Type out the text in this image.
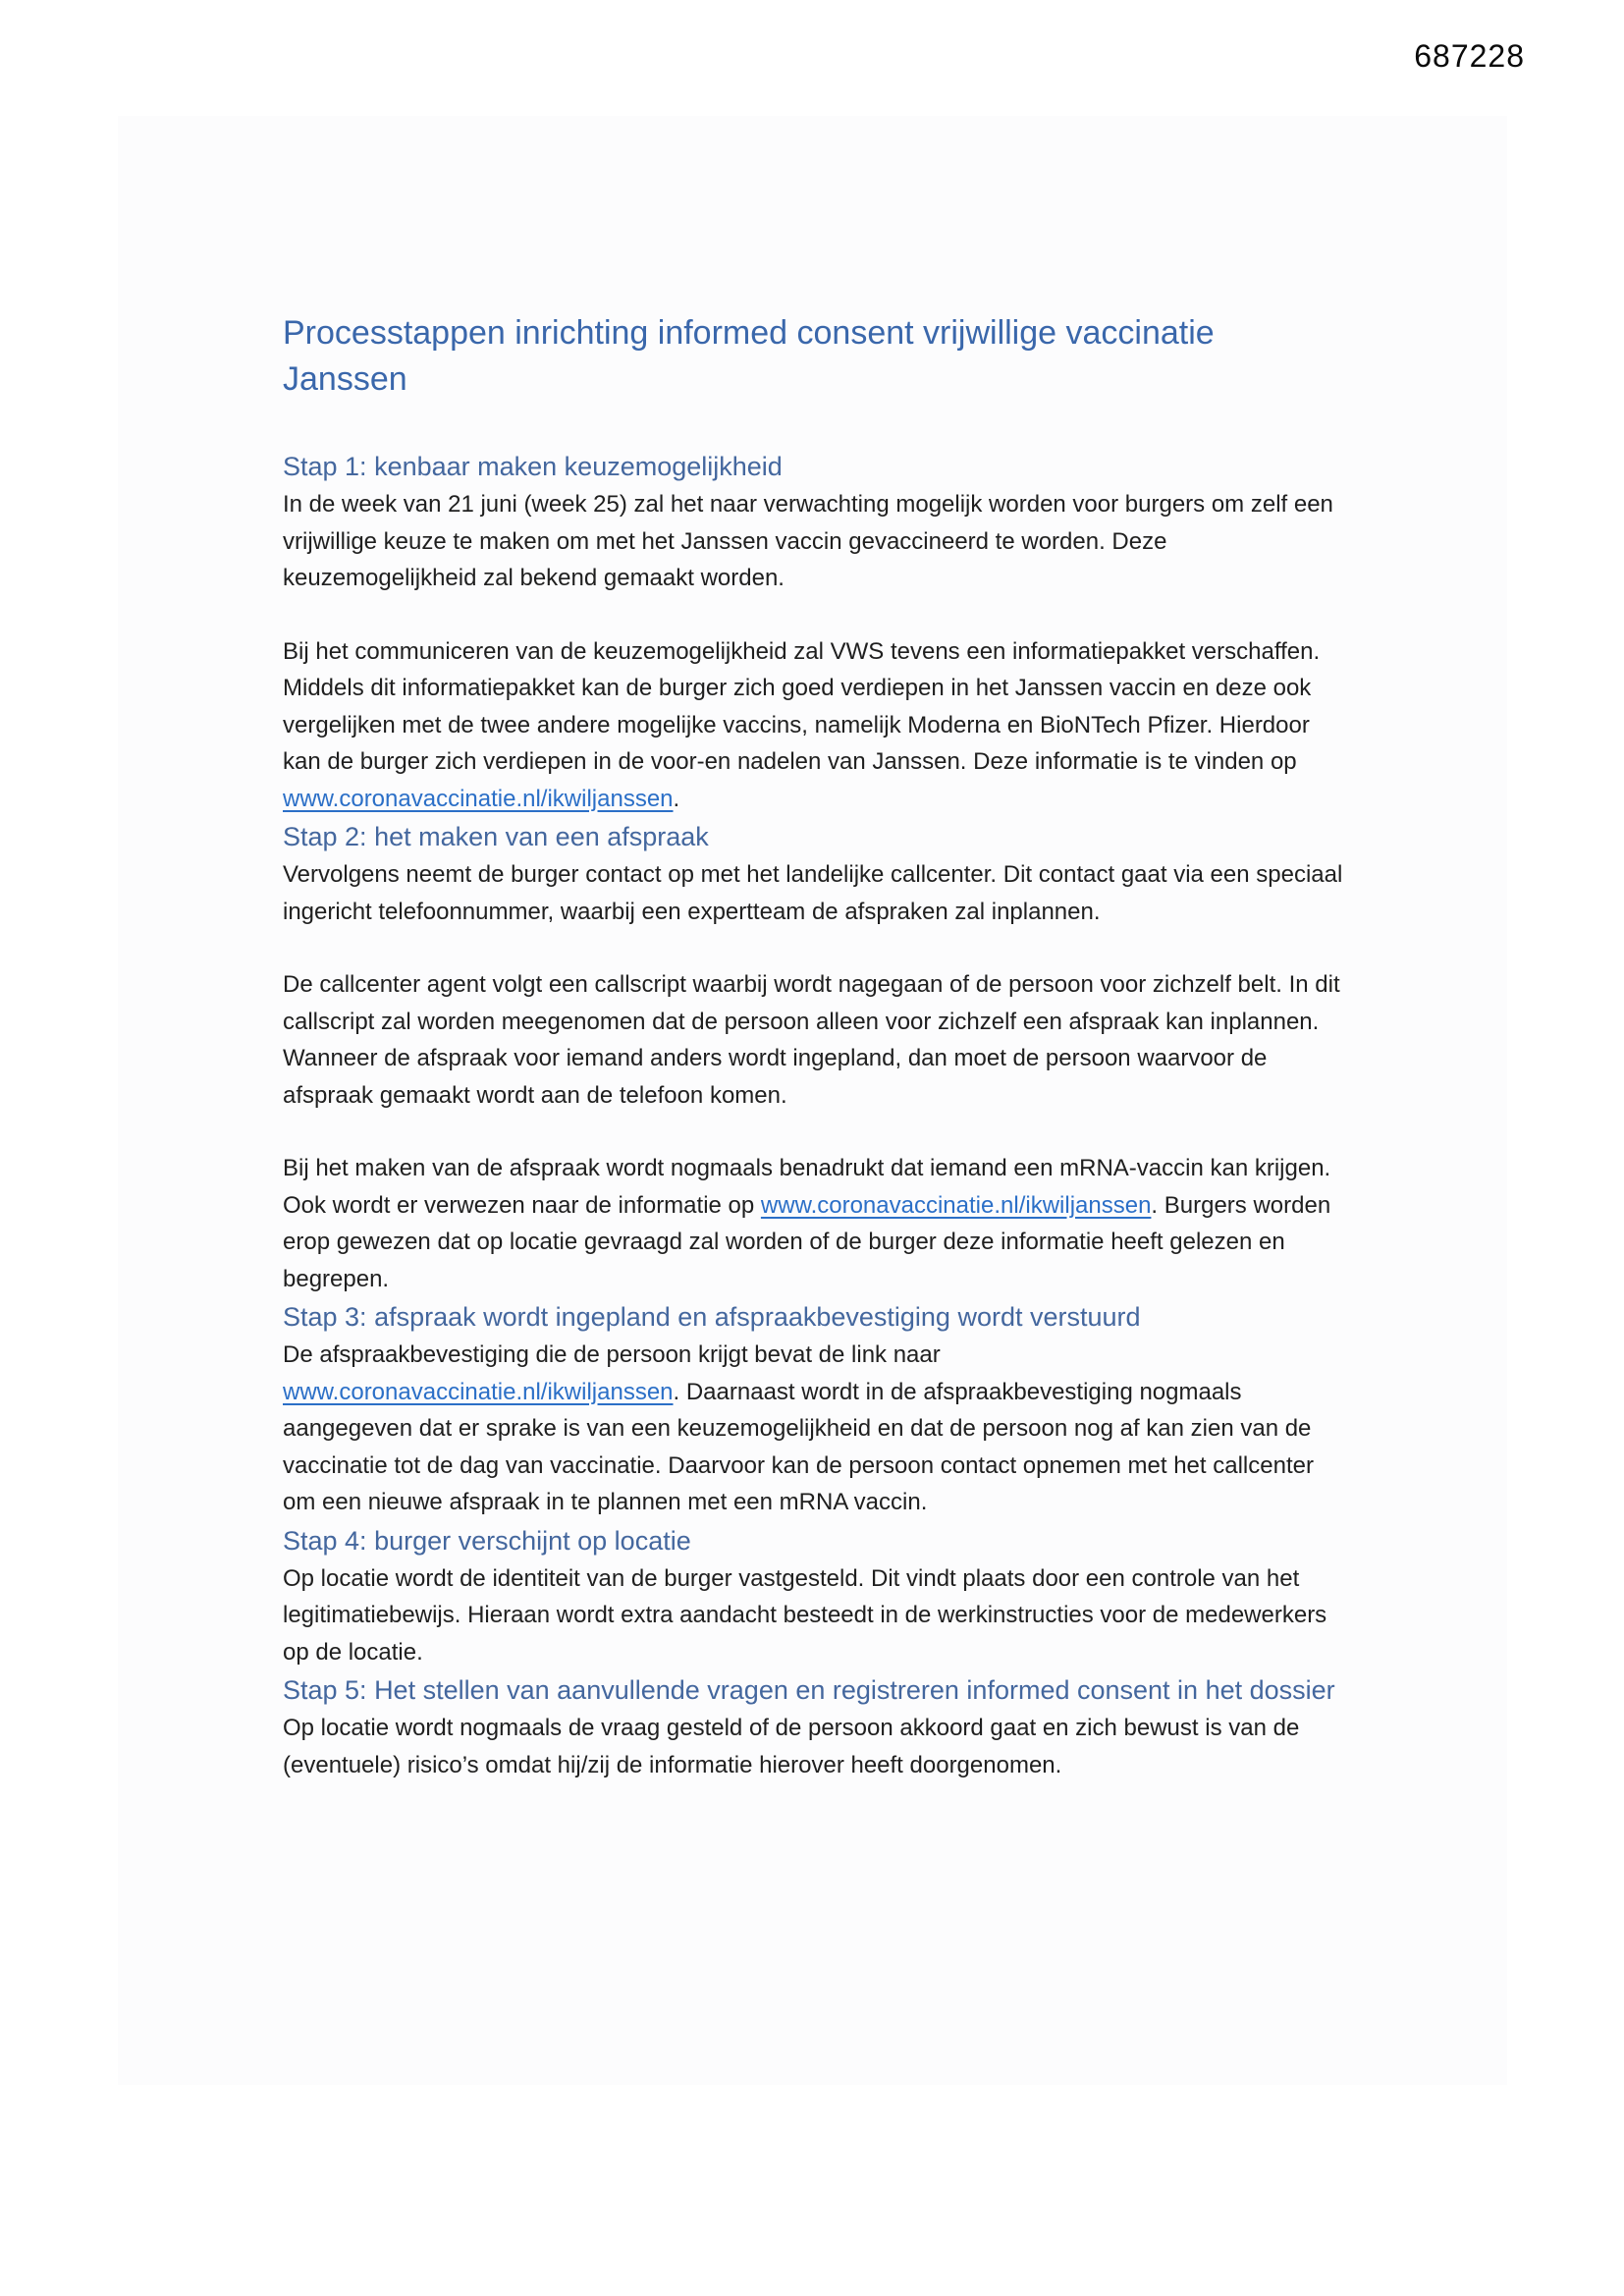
687228
Processtappen inrichting informed consent vrijwillige vaccinatie Janssen
Stap 1: kenbaar maken keuzemogelijkheid

In de week van 21 juni (week 25) zal het naar verwachting mogelijk worden voor burgers om zelf een vrijwillige keuze te maken om met het Janssen vaccin gevaccineerd te worden. Deze keuzemogelijkheid zal bekend gemaakt worden.

Bij het communiceren van de keuzemogelijkheid zal VWS tevens een informatiepakket verschaffen. Middels dit informatiepakket kan de burger zich goed verdiepen in het Janssen vaccin en deze ook vergelijken met de twee andere mogelijke vaccins, namelijk Moderna en BioNTech Pfizer. Hierdoor kan de burger zich verdiepen in de voor-en nadelen van Janssen. Deze informatie is te vinden op www.coronavaccinatie.nl/ikwiljanssen.

Stap 2: het maken van een afspraak

Vervolgens neemt de burger contact op met het landelijke callcenter. Dit contact gaat via een speciaal ingericht telefoonnummer, waarbij een expertteam de afspraken zal inplannen.

De callcenter agent volgt een callscript waarbij wordt nagegaan of de persoon voor zichzelf belt. In dit callscript zal worden meegenomen dat de persoon alleen voor zichzelf een afspraak kan inplannen. Wanneer de afspraak voor iemand anders wordt ingepland, dan moet de persoon waarvoor de afspraak gemaakt wordt aan de telefoon komen.

Bij het maken van de afspraak wordt nogmaals benadrukt dat iemand een mRNA-vaccin kan krijgen. Ook wordt er verwezen naar de informatie op www.coronavaccinatie.nl/ikwiljanssen. Burgers worden erop gewezen dat op locatie gevraagd zal worden of de burger deze informatie heeft gelezen en begrepen.

Stap 3: afspraak wordt ingepland en afspraakbevestiging wordt verstuurd

De afspraakbevestiging die de persoon krijgt bevat de link naar www.coronavaccinatie.nl/ikwiljanssen. Daarnaast wordt in de afspraakbevestiging nogmaals aangegeven dat er sprake is van een keuzemogelijkheid en dat de persoon nog af kan zien van de vaccinatie tot de dag van vaccinatie. Daarvoor kan de persoon contact opnemen met het callcenter om een nieuwe afspraak in te plannen met een mRNA vaccin.

Stap 4: burger verschijnt op locatie

Op locatie wordt de identiteit van de burger vastgesteld. Dit vindt plaats door een controle van het legitimatiebewijs. Hieraan wordt extra aandacht besteedt in de werkinstructies voor de medewerkers op de locatie.

Stap 5: Het stellen van aanvullende vragen en registreren informed consent in het dossier

Op locatie wordt nogmaals de vraag gesteld of de persoon akkoord gaat en zich bewust is van de (eventuele) risico’s omdat hij/zij de informatie hierover heeft doorgenomen.
